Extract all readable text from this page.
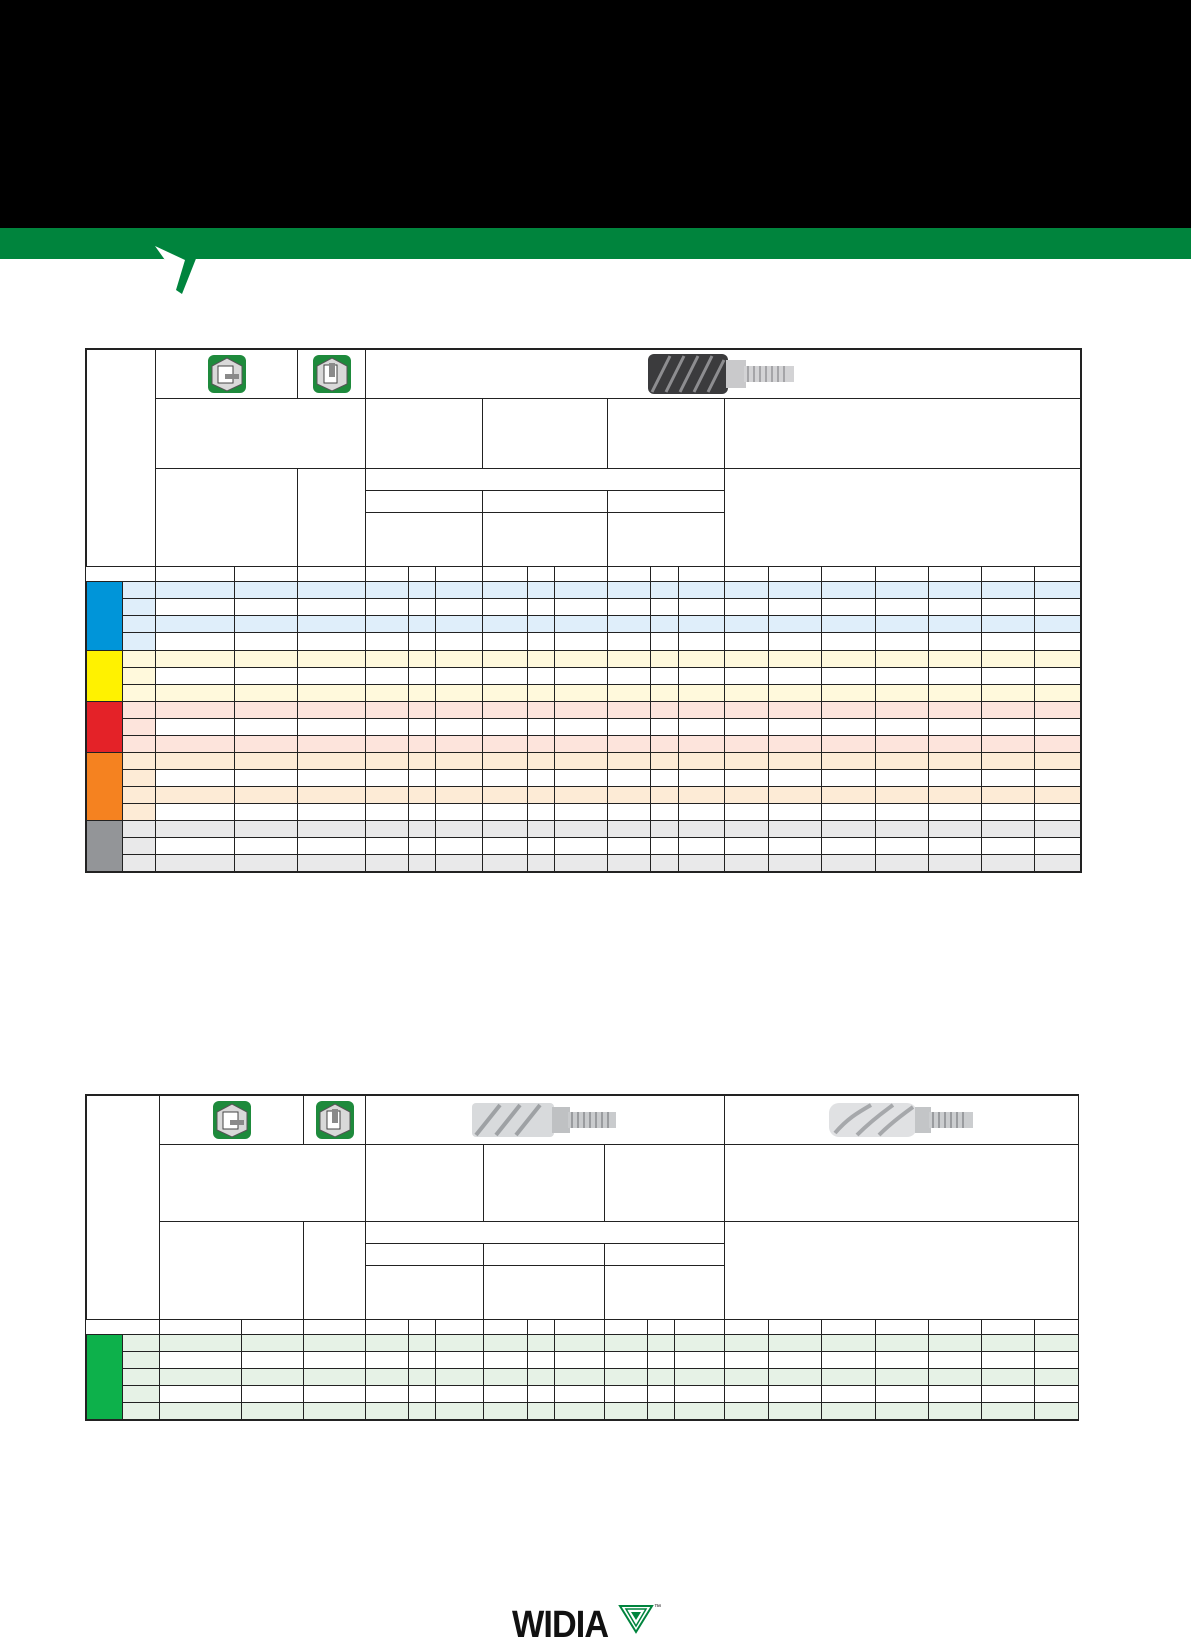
WIDIA	™
